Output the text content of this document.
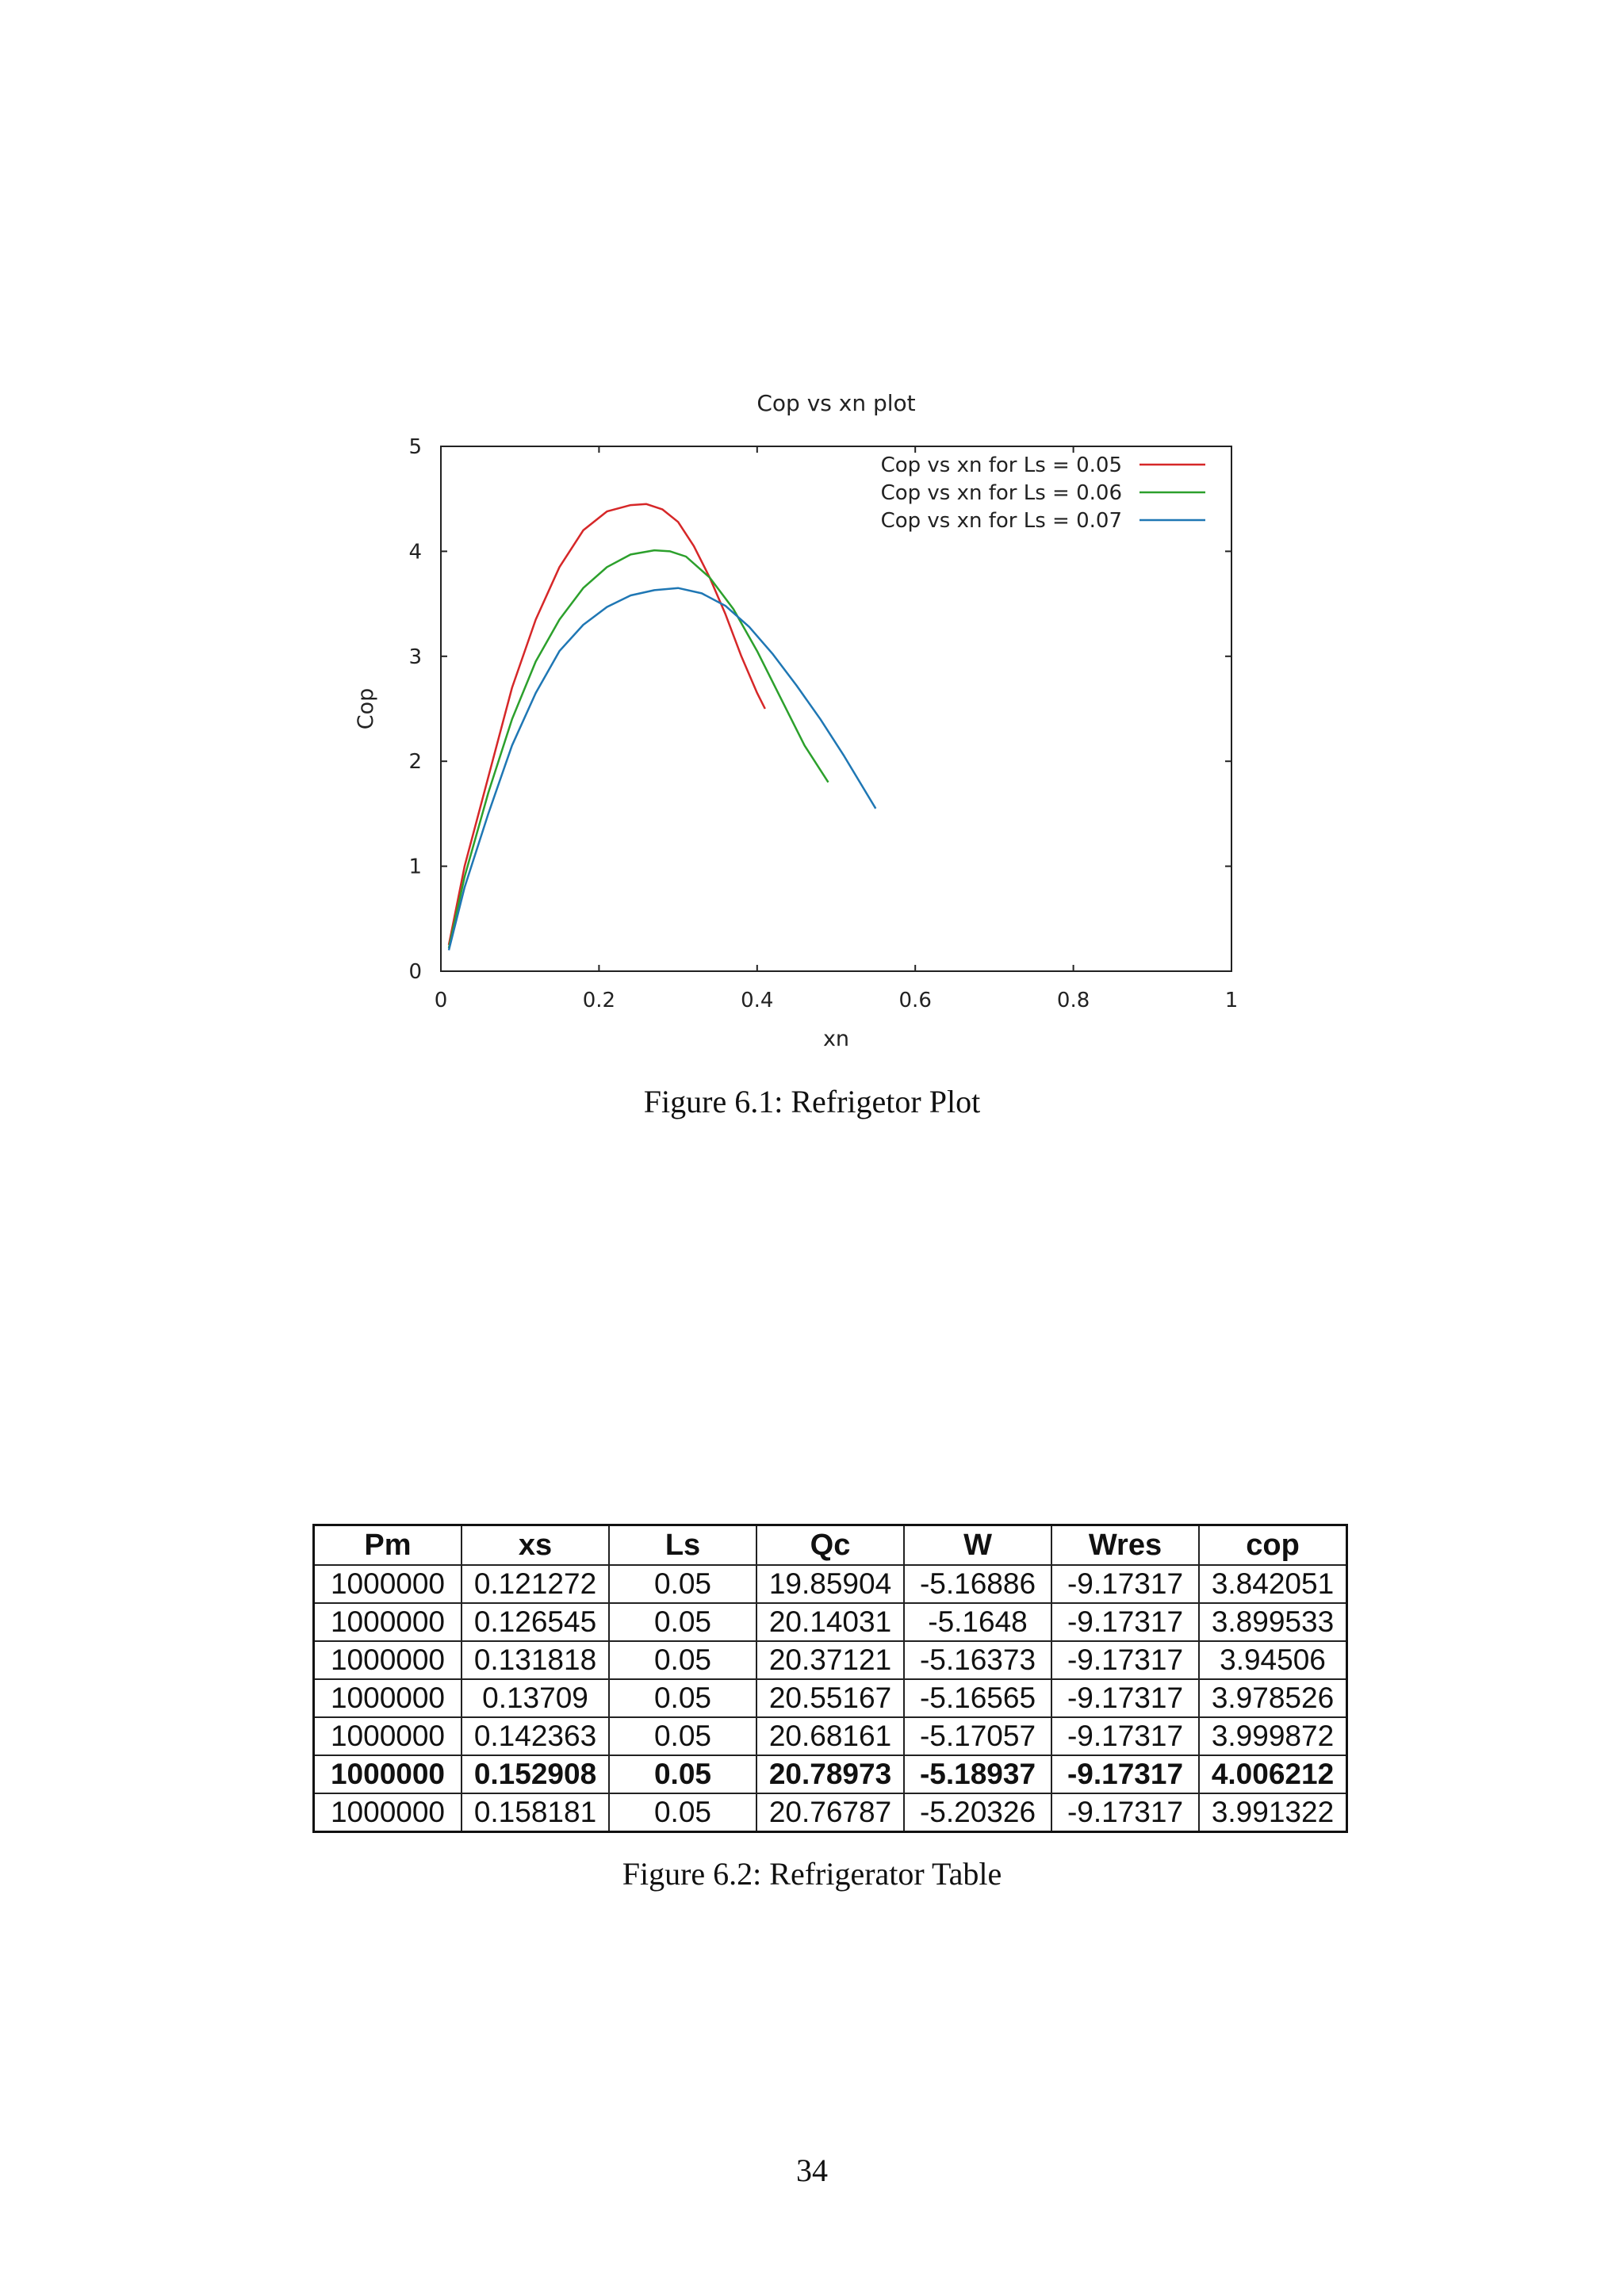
0	0.2	0.4	0.6	0.8	1
0
1
2
3
4
5
Cop vs xn plot
xn
Cop
Cop vs xn for Ls = 0.05
Cop vs xn for Ls = 0.06
Cop vs xn for Ls = 0.07
Figure 6.1: Refrigetor Plot
Pm	xs	Ls	Qc	W	Wres	cop
1000000	0.121272	0.05	19.85904	-5.16886	-9.17317	3.842051
1000000	0.126545	0.05	20.14031	-5.1648	-9.17317	3.899533
1000000	0.131818	0.05	20.37121	-5.16373	-9.17317	3.94506
1000000	0.13709	0.05	20.55167	-5.16565	-9.17317	3.978526
1000000	0.142363	0.05	20.68161	-5.17057	-9.17317	3.999872
1000000	0.152908	0.05	20.78973	-5.18937	-9.17317	4.006212
1000000	0.158181	0.05	20.76787	-5.20326	-9.17317	3.991322
Figure 6.2: Refrigerator Table
34
